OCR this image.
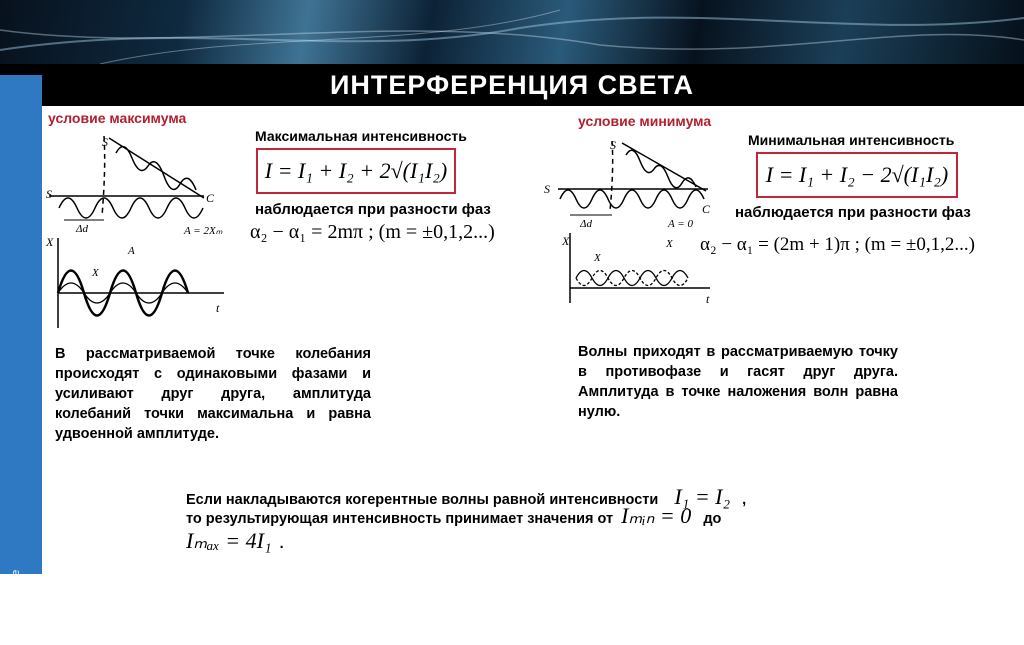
ИНТЕРФЕРЕНЦИЯ СВЕТА
company name
условие максимума
S
S	C
Δd	A = 2Xₘ
X
X
A
t
Максимальная интенсивность
I = I₁ + I₂ + 2√(I₁I₂)
наблюдается при разности фаз
α₂ − α₁ = 2mπ ; (m = ±0,1,2...)
В рассматриваемой точке колебания происходят с одинаковыми фазами и усиливают друг друга, амплитуда колебаний точки максимальна и равна удвоенной амплитуде.
условие минимума
S
S
C
Δd	A = 0
X
X
X
t
Минимальная интенсивность
I = I₁ + I₂ − 2√(I₁I₂)
наблюдается при разности фаз
α₂ − α₁ = (2m + 1)π ; (m = ±0,1,2...)
Волны приходят в рассматриваемую точку в противофазе и гасят друг друга. Амплитуда в точке наложения волн равна нулю.
Если накладываются когерентные волны равной интенсивности I₁ = I₂ ,
то результирующая интенсивность принимает значения от Iₘᵢₙ = 0 до
Iₘₐₓ = 4I₁ .
